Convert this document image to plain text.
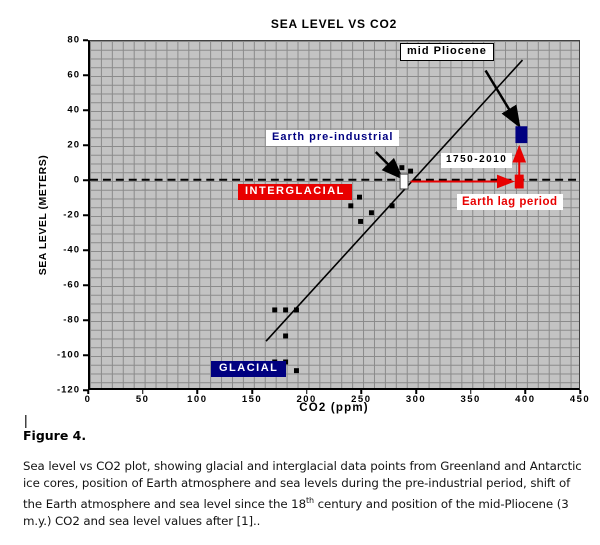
SEA LEVEL VS CO2
SEA LEVEL (METERS)
mid Pliocene
Earth pre-industrial
INTERGLACIAL
GLACIAL
1750-2010
Earth lag period
0	50	100	150	200	250	300	350	400	450
80
60
40
20
0
-20
-40
-60
-80
-100
-120
CO2 (ppm)
|
Figure 4.

Sea level vs CO2 plot, showing glacial and interglacial data points from Greenland and Antarctic ice cores, position of Earth atmosphere and sea levels during the pre-industrial period, shift of the Earth atmosphere and sea level since the 18th century and position of the mid-Pliocene (3 m.y.) CO2 and sea level values after [1]..
